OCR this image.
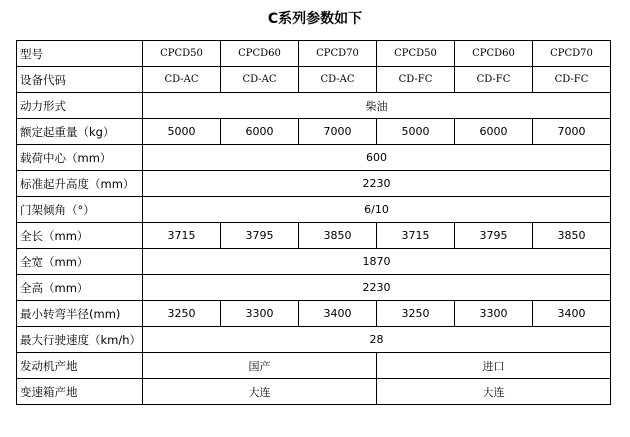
C系列参数如下
型号	CPCD50	CPCD60	CPCD70	CPCD50	CPCD60	CPCD70
设备代码	CD-AC	CD-AC	CD-AC	CD-FC	CD-FC	CD-FC
动力形式	柴油					
额定起重量（kg）	5000	6000	7000	5000	6000	7000
载荷中心（mm）	600					
标准起升高度（mm）	2230					
门架倾角（°）	6/10					
全长（mm）	3715	3795	3850	3715	3795	3850
全宽（mm）	1870					
全高（mm）	2230					
最小转弯半径(mm)	3250	3300	3400	3250	3300	3400
最大行驶速度（km/h）	28					
发动机产地	国产			进口		
变速箱产地	大连			大连		
